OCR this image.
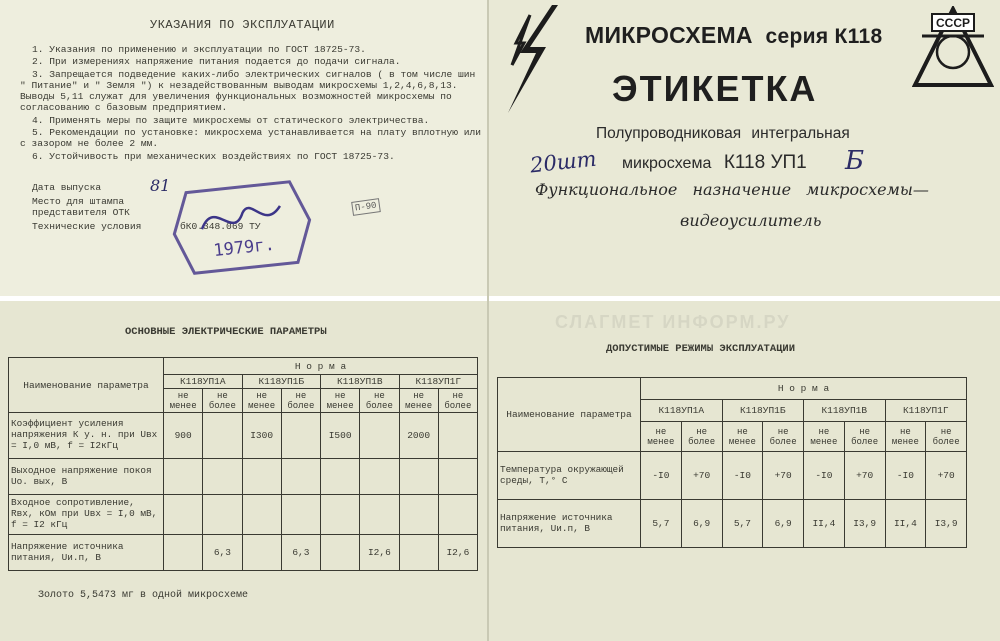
УКАЗАНИЯ ПО ЭКСПЛУАТАЦИИ
1. Указания по применению и эксплуатации по ГОСТ 18725-73.
2. При измерениях напряжение питания подается до подачи сигнала.
3. Запрещается подведение каких-либо электрических сигналов ( в том числе шин " Питание" и " Земля ") к незадействованным выводам микросхемы 1,2,4,6,8,13. Выводы 5,11 служат для увеличения функциональных возможностей микросхемы по согласованию с базовым предприятием.
4. Применять меры по защите микросхемы от статического электричества.
5. Рекомендации по установке: микросхема устанавливается на плату вплотную или с зазором не более 2 мм.
6. Устойчивость при механических воздействиях по ГОСТ 18725-73.
Дата выпуска	81
Место для штампа
представителя ОТК
Технические условия	бК0.348.069 ТУ
1979г.
П-90
МИКРОСХЕМА серия К118
СССР
ЭТИКЕТКА
Полупроводниковая интегральная
20шт микросхема К118 УП1 Б
Функциональное назначение микросхемы—
видеоусилитель
СЛАГМЕТ ИНФОРМ.РУ
ОСНОВНЫЕ ЭЛЕКТРИЧЕСКИЕ ПАРАМЕТРЫ
Наименование параметра	Н о р м а							
	К118УП1А		К118УП1Б		К118УП1В		К118УП1Г	
	не менее	не более	не менее	не более	не менее	не более	не менее	не более
Коэффициент усиления напряжения К у. н. при Uвх = I,0 мВ, f = I2кГц	900		I300		I500		2000	
Выходное напряжение покоя Uо. вых, В								
Входное сопротивление, Rвх, кОм при Uвх = I,0 мВ, f = I2 кГц								
Напряжение источника питания, Uи.п, В		6,3		6,3		I2,6		I2,6
Золото 5,5473 мг в одной микросхеме
ДОПУСТИМЫЕ РЕЖИМЫ ЭКСПЛУАТАЦИИ
Наименование параметра	Н о р м а							
	К118УП1А		К118УП1Б		К118УП1В		К118УП1Г	
	не менее	не более	не менее	не более	не менее	не более	не менее	не более
Температура окружающей среды, Т,° С	-I0	+70	-I0	+70	-I0	+70	-I0	+70
Напряжение источника питания, Uи.п, В	5,7	6,9	5,7	6,9	II,4	I3,9	II,4	I3,9
